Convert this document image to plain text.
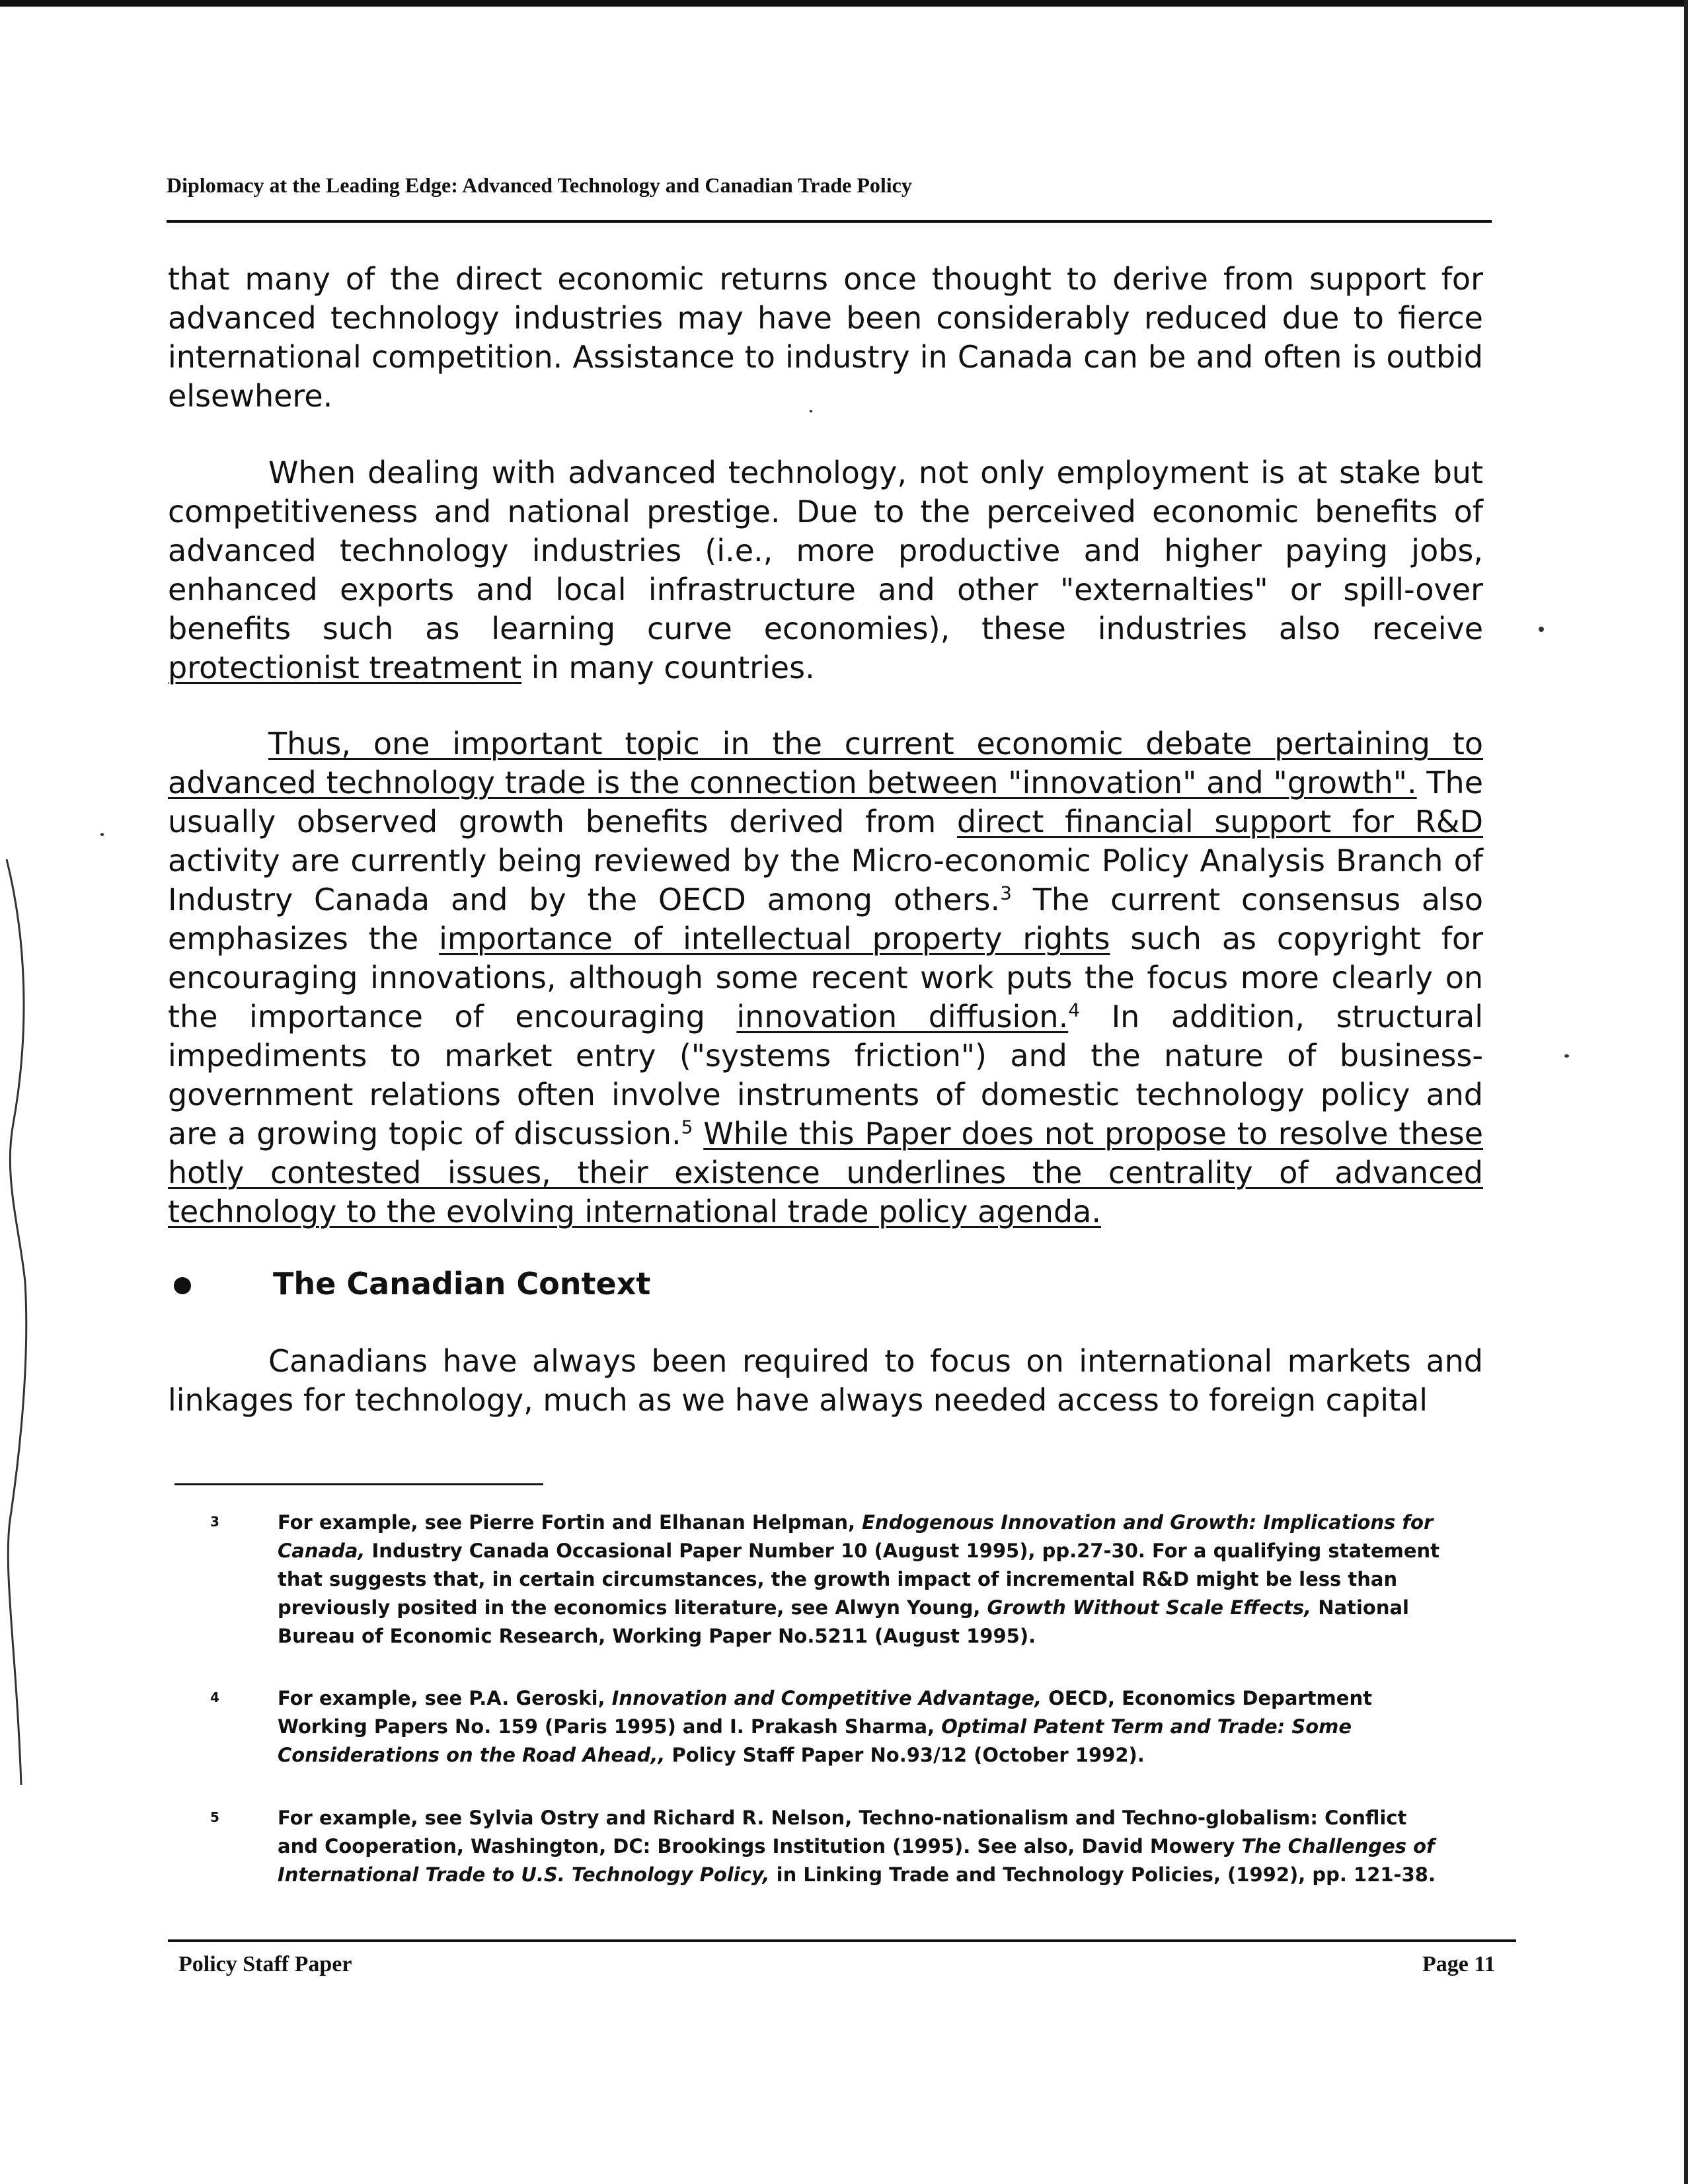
Diplomacy at the Leading Edge: Advanced Technology and Canadian Trade Policy
that many of the direct economic returns once thought to derive from support for advanced technology industries may have been considerably reduced due to fierce international competition. Assistance to industry in Canada can be and often is outbid elsewhere.
When dealing with advanced technology, not only employment is at stake but competitiveness and national prestige. Due to the perceived economic benefits of advanced technology industries (i.e., more productive and higher paying jobs, enhanced exports and local infrastructure and other "externalties" or spill-over benefits such as learning curve economies), these industries also receive protectionist treatment in many countries.
Thus, one important topic in the current economic debate pertaining to advanced technology trade is the connection between "innovation" and "growth". The usually observed growth benefits derived from direct financial support for R&D activity are currently being reviewed by the Micro-economic Policy Analysis Branch of Industry Canada and by the OECD among others.$^3$ The current consensus also emphasizes the importance of intellectual property rights such as copyright for encouraging innovations, although some recent work puts the focus more clearly on the importance of encouraging innovation diffusion.$^4$ In addition, structural impediments to market entry ("systems friction") and the nature of business-government relations often involve instruments of domestic technology policy and are a growing topic of discussion.$^5$ While this Paper does not propose to resolve these hotly contested issues, their existence underlines the centrality of advanced technology to the evolving international trade policy agenda.
The Canadian Context
Canadians have always been required to focus on international markets and linkages for technology, much as we have always needed access to foreign capital
3	For example, see Pierre Fortin and Elhanan Helpman, Endogenous Innovation and Growth: Implications for Canada, Industry Canada Occasional Paper Number 10 (August 1995), pp.27-30. For a qualifying statement that suggests that, in certain circumstances, the growth impact of incremental R&D might be less than previously posited in the economics literature, see Alwyn Young, Growth Without Scale Effects, National Bureau of Economic Research, Working Paper No.5211 (August 1995).
4	For example, see P.A. Geroski, Innovation and Competitive Advantage, OECD, Economics Department Working Papers No. 159 (Paris 1995) and I. Prakash Sharma, Optimal Patent Term and Trade: Some Considerations on the Road Ahead,, Policy Staff Paper No.93/12 (October 1992).
5	For example, see Sylvia Ostry and Richard R. Nelson, Techno-nationalism and Techno-globalism: Conflict and Cooperation, Washington, DC: Brookings Institution (1995). See also, David Mowery The Challenges of International Trade to U.S. Technology Policy, in Linking Trade and Technology Policies, (1992), pp. 121-38.
Policy Staff Paper	Page 11
